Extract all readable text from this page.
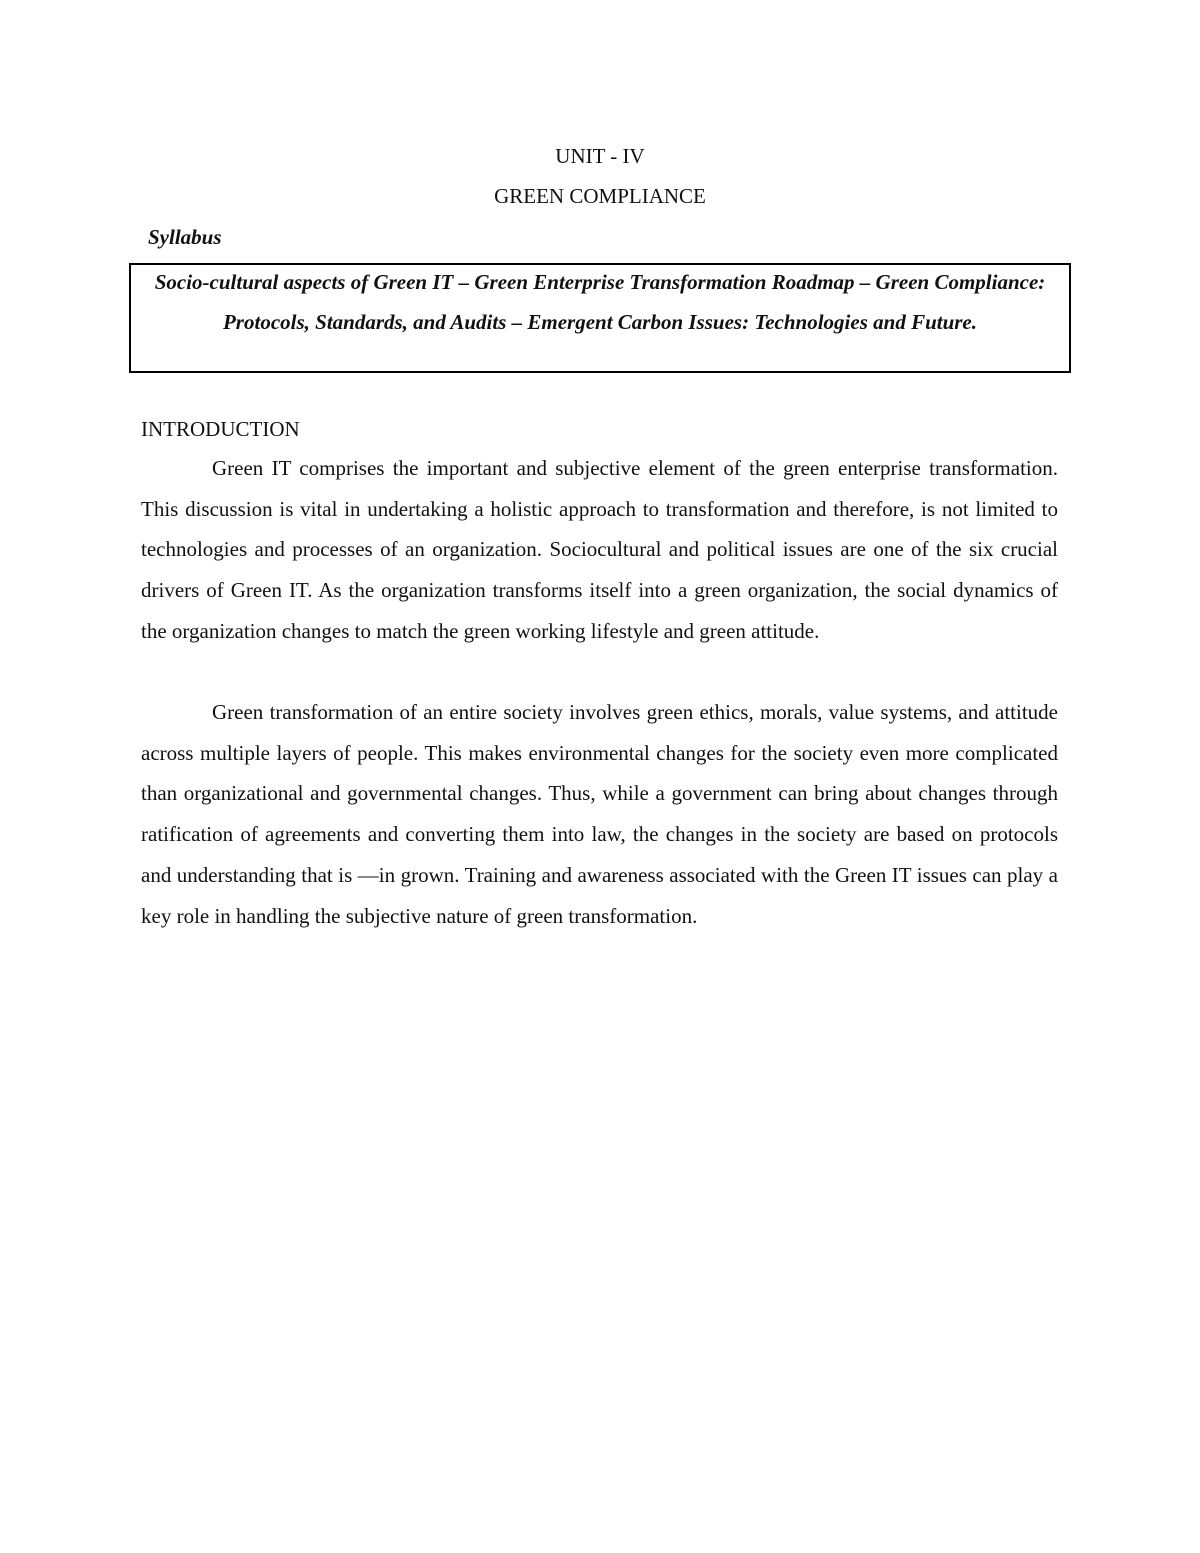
UNIT - IV
GREEN COMPLIANCE
Syllabus

Socio-cultural aspects of Green IT – Green Enterprise Transformation Roadmap – Green Compliance: Protocols, Standards, and Audits – Emergent Carbon Issues: Technologies and Future.

INTRODUCTION

Green IT comprises the important and subjective element of the green enterprise transformation. This discussion is vital in undertaking a holistic approach to transformation and therefore, is not limited to technologies and processes of an organization. Sociocultural and political issues are one of the six crucial drivers of Green IT. As the organization transforms itself into a green organization, the social dynamics of the organization changes to match the green working lifestyle and green attitude.

Green transformation of an entire society involves green ethics, morals, value systems, and attitude across multiple layers of people. This makes environmental changes for the society even more complicated than organizational and governmental changes. Thus, while a government can bring about changes through ratification of agreements and converting them into law, the changes in the society are based on protocols and understanding that is ―in grown. Training and awareness associated with the Green IT issues can play a key role in handling the subjective nature of green transformation.
